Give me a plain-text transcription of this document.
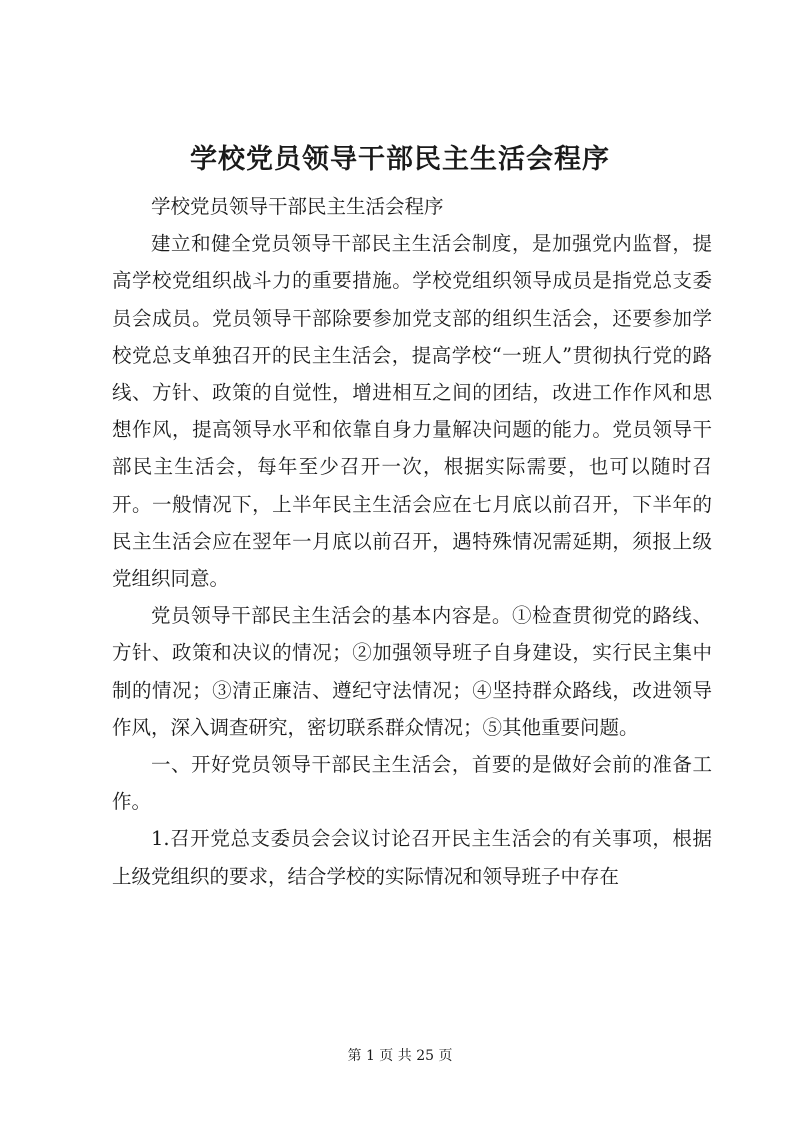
学校党员领导干部民主生活会程序

学校党员领导干部民主生活会程序

建立和健全党员领导干部民主生活会制度，是加强党内监督，提高学校党组织战斗力的重要措施。学校党组织领导成员是指党总支委员会成员。党员领导干部除要参加党支部的组织生活会，还要参加学校党总支单独召开的民主生活会，提高学校“一班人”贯彻执行党的路线、方针、政策的自觉性，增进相互之间的团结，改进工作作风和思想作风，提高领导水平和依靠自身力量解决问题的能力。党员领导干部民主生活会，每年至少召开一次，根据实际需要，也可以随时召开。一般情况下，上半年民主生活会应在七月底以前召开，下半年的民主生活会应在翌年一月底以前召开，遇特殊情况需延期，须报上级党组织同意。

党员领导干部民主生活会的基本内容是。①检查贯彻党的路线、方针、政策和决议的情况；②加强领导班子自身建设，实行民主集中制的情况；③清正廉洁、遵纪守法情况；④坚持群众路线，改进领导作风，深入调查研究，密切联系群众情况；⑤其他重要问题。

一、开好党员领导干部民主生活会，首要的是做好会前的准备工作。

1.召开党总支委员会会议讨论召开民主生活会的有关事项，根据上级党组织的要求，结合学校的实际情况和领导班子中存在

第 1 页 共 25 页
